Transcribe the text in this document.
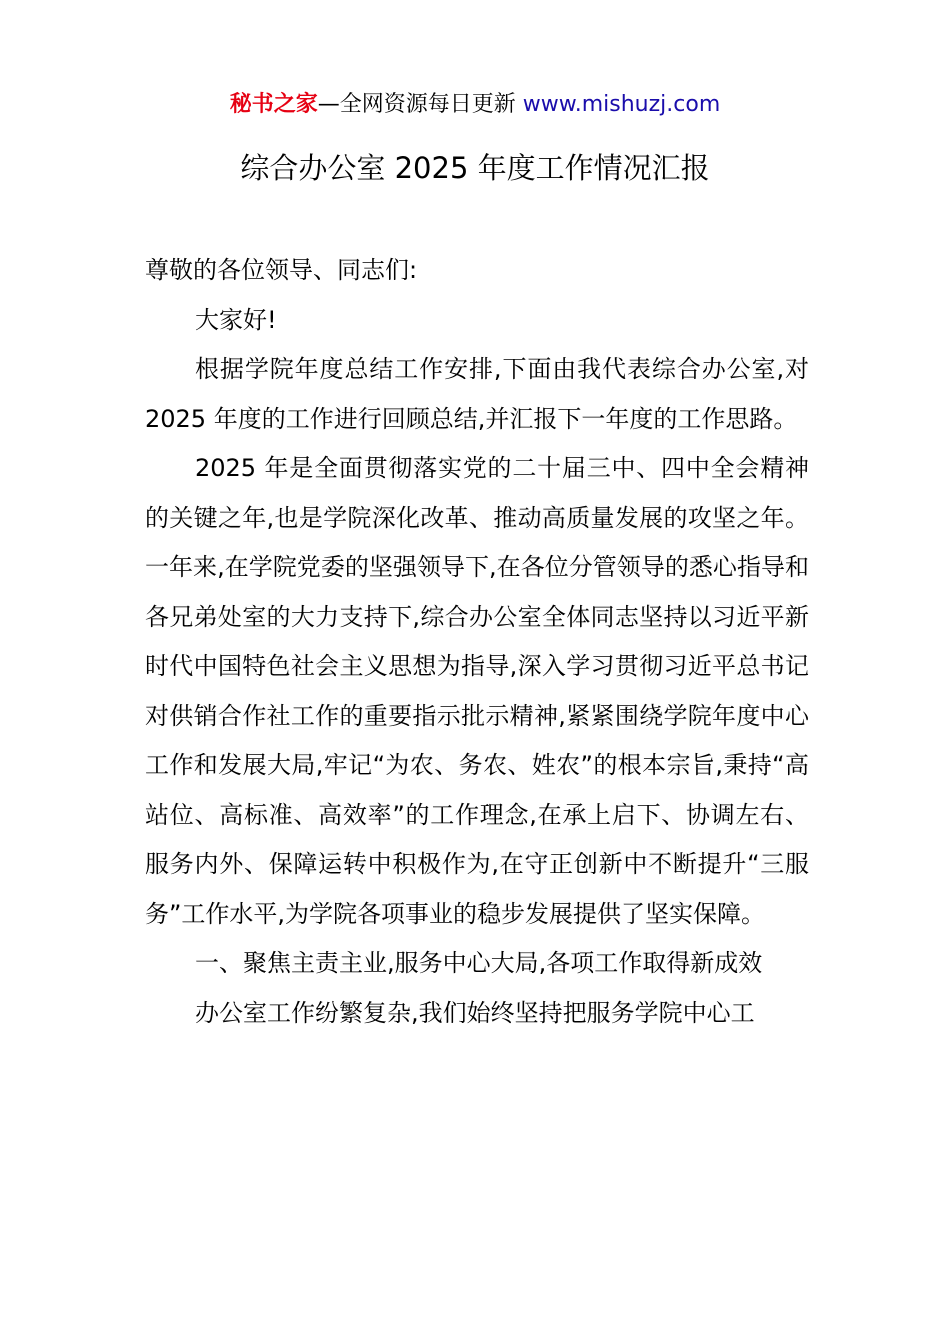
秘书之家—全网资源每日更新 www.mishuzj.com
综合办公室 2025 年度工作情况汇报

尊敬的各位领导、同志们:

大家好!

根据学院年度总结工作安排,下面由我代表综合办公室,对 2025 年度的工作进行回顾总结,并汇报下一年度的工作思路。

2025 年是全面贯彻落实党的二十届三中、四中全会精神的关键之年,也是学院深化改革、推动高质量发展的攻坚之年。一年来,在学院党委的坚强领导下,在各位分管领导的悉心指导和各兄弟处室的大力支持下,综合办公室全体同志坚持以习近平新时代中国特色社会主义思想为指导,深入学习贯彻习近平总书记对供销合作社工作的重要指示批示精神,紧紧围绕学院年度中心工作和发展大局,牢记“为农、务农、姓农”的根本宗旨,秉持“高站位、高标准、高效率”的工作理念,在承上启下、协调左右、服务内外、保障运转中积极作为,在守正创新中不断提升“三服务”工作水平,为学院各项事业的稳步发展提供了坚实保障。

一、聚焦主责主业,服务中心大局,各项工作取得新成效

办公室工作纷繁复杂,我们始终坚持把服务学院中心工
